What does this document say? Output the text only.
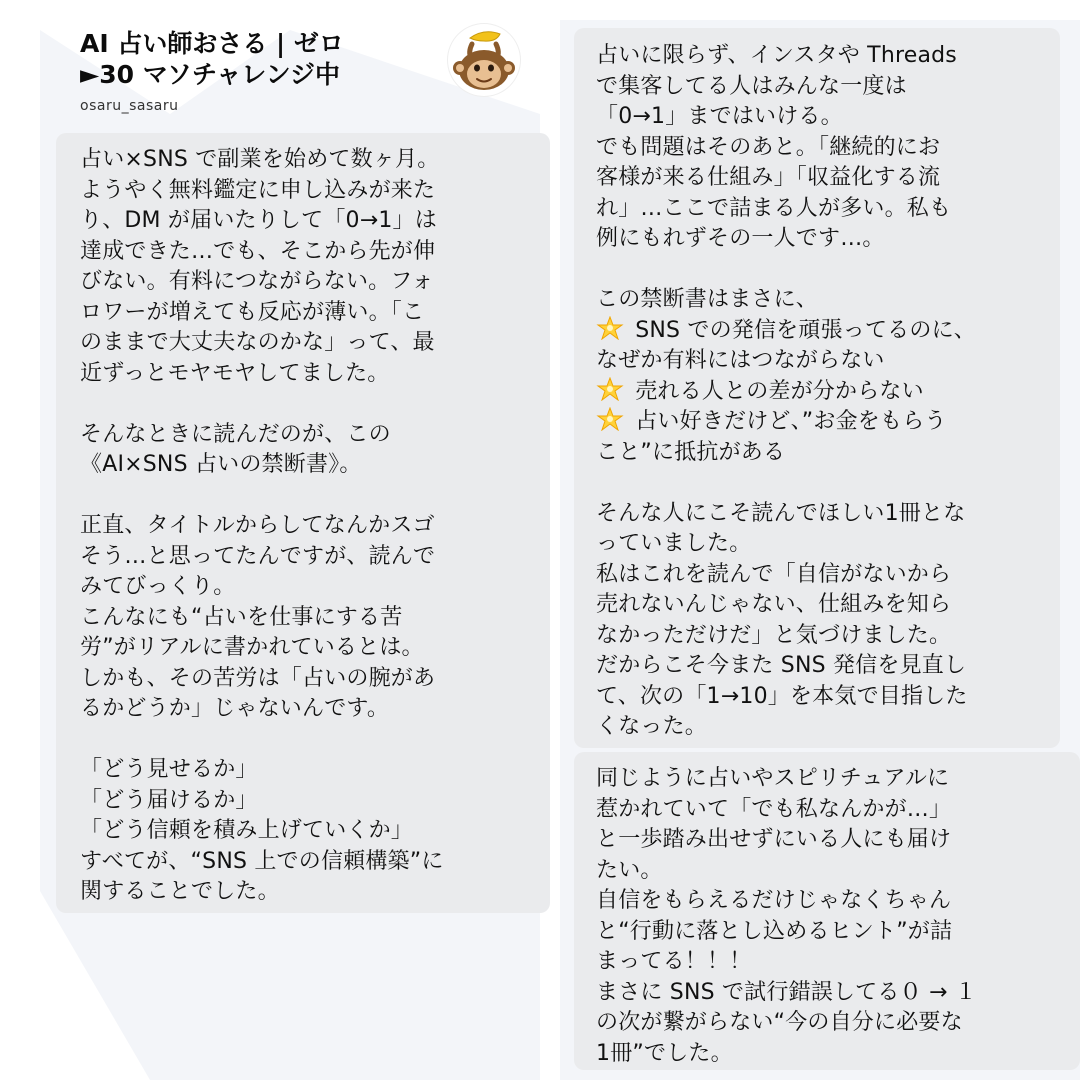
AI 占い師おさる | ゼロ
►30 マソチャレンジ中
osaru_sasaru
占い×SNS で副業を始めて数ヶ月。
ようやく無料鑑定に申し込みが来た
り、DM が届いたりして「0→1」は
達成できた…でも、そこから先が伸
びない。有料につながらない。フォ
ロワーが増えても反応が薄い。「こ
のままで大丈夫なのかな」って、最
近ずっとモヤモヤしてました。
そんなときに読んだのが、この
《AI×SNS 占いの禁断書》。
正直、タイトルからしてなんかスゴ
そう…と思ってたんですが、読んで
みてびっくり。
こんなにも“占いを仕事にする苦
労”がリアルに書かれているとは。
しかも、その苦労は「占いの腕があ
るかどうか」じゃないんです。
「どう見せるか」
「どう届けるか」
「どう信頼を積み上げていくか」
すべてが、“SNS 上での信頼構築”に
関することでした。
占いに限らず、インスタや Threads
で集客してる人はみんな一度は
「0→1」まではいける。
でも問題はそのあと。「継続的にお
客様が来る仕組み」「収益化する流
れ」…ここで詰まる人が多い。私も
例にもれずその一人です…。
この禁断書はまさに、
SNS での発信を頑張ってるのに、
なぜか有料にはつながらない
売れる人との差が分からない
占い好きだけど、”お金をもらう
こと”に抵抗がある
そんな人にこそ読んでほしい1冊とな
っていました。
私はこれを読んで「自信がないから
売れないんじゃない、仕組みを知ら
なかっただけだ」と気づけました。
だからこそ今また SNS 発信を見直し
て、次の「1→10」を本気で目指した
くなった。
同じように占いやスピリチュアルに
惹かれていて「でも私なんかが…」
と一歩踏み出せずにいる人にも届け
たい。
自信をもらえるだけじゃなくちゃん
と“行動に落とし込めるヒント”が詰
まってる！！！
まさに SNS で試行錯誤してる０ → １
の次が繋がらない“今の自分に必要な
1冊”でした。
